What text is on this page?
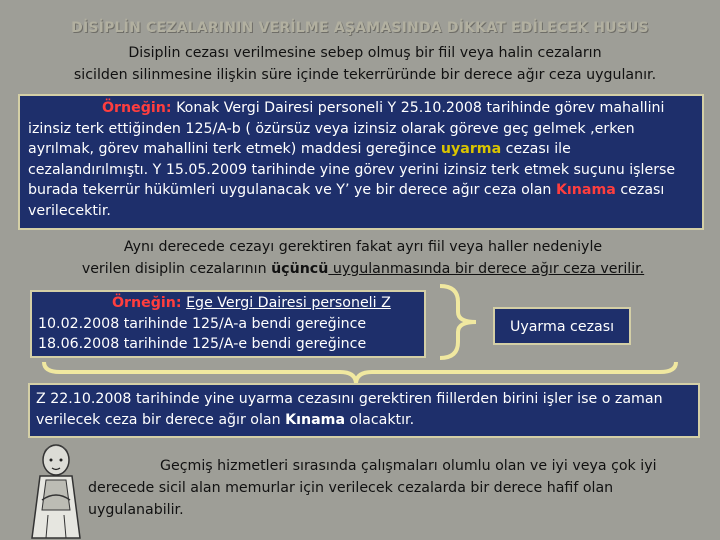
DİSİPLİN CEZALARININ VERİLME AŞAMASINDA DİKKAT EDİLECEK HUSUS
Disiplin cezası verilmesine sebep olmuş bir fiil veya halin cezaların
sicilden silinmesine ilişkin süre içinde tekerrüründe bir derece ağır ceza uygulanır.
Örneğin: Konak Vergi Dairesi personeli Y 25.10.2008 tarihinde görev mahallini izinsiz terk ettiğinden 125/A-b ( özürsüz veya izinsiz olarak göreve geç gelmek ,erken ayrılmak, görev mahallini terk etmek) maddesi gereğince uyarma cezası ile cezalandırılmıştı. Y 15.05.2009 tarihinde yine görev yerini izinsiz terk etmek suçunu işlerse burada tekerrür hükümleri uygulanacak ve Y’ ye bir derece ağır ceza olan Kınama cezası verilecektir.
Aynı derecede cezayı gerektiren fakat ayrı fiil veya haller nedeniyle
verilen disiplin cezalarının üçüncü uygulanmasında bir derece ağır ceza verilir.
Örneğin: Ege Vergi Dairesi personeli Z
10.02.2008 tarihinde 125/A-a bendi gereğince
18.06.2008 tarihinde 125/A-e bendi gereğince
Uyarma cezası
Z 22.10.2008 tarihinde yine uyarma cezasını gerektiren fiillerden birini işler ise o zaman verilecek ceza bir derece ağır olan Kınama olacaktır.
Geçmiş hizmetleri sırasında çalışmaları olumlu olan ve iyi veya çok iyi derecede sicil alan memurlar için verilecek cezalarda bir derece hafif olan uygulanabilir.
